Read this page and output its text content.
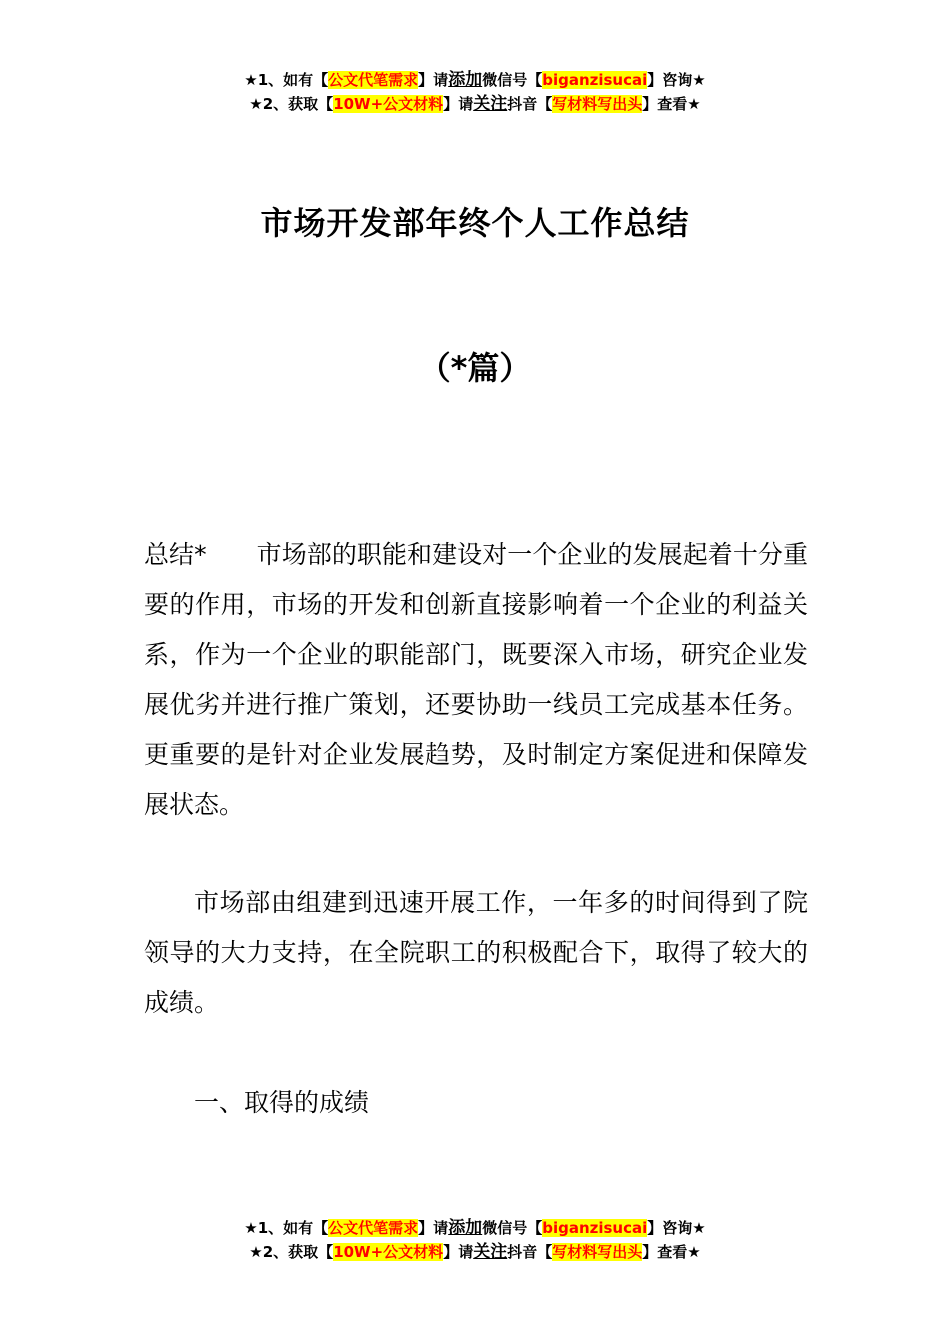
★1、如有【公文代笔需求】请添加微信号【biganzisucai】咨询★
★2、获取【10W+公文材料】请关注抖音【写材料写出头】查看★
市场开发部年终个人工作总结
（*篇）
总结* 市场部的职能和建设对一个企业的发展起着十分重要的作用，市场的开发和创新直接影响着一个企业的利益关系，作为一个企业的职能部门，既要深入市场，研究企业发展优劣并进行推广策划，还要协助一线员工完成基本任务。更重要的是针对企业发展趋势，及时制定方案促进和保障发展状态。
市场部由组建到迅速开展工作，一年多的时间得到了院领导的大力支持，在全院职工的积极配合下，取得了较大的成绩。
一、取得的成绩
★1、如有【公文代笔需求】请添加微信号【biganzisucai】咨询★
★2、获取【10W+公文材料】请关注抖音【写材料写出头】查看★
